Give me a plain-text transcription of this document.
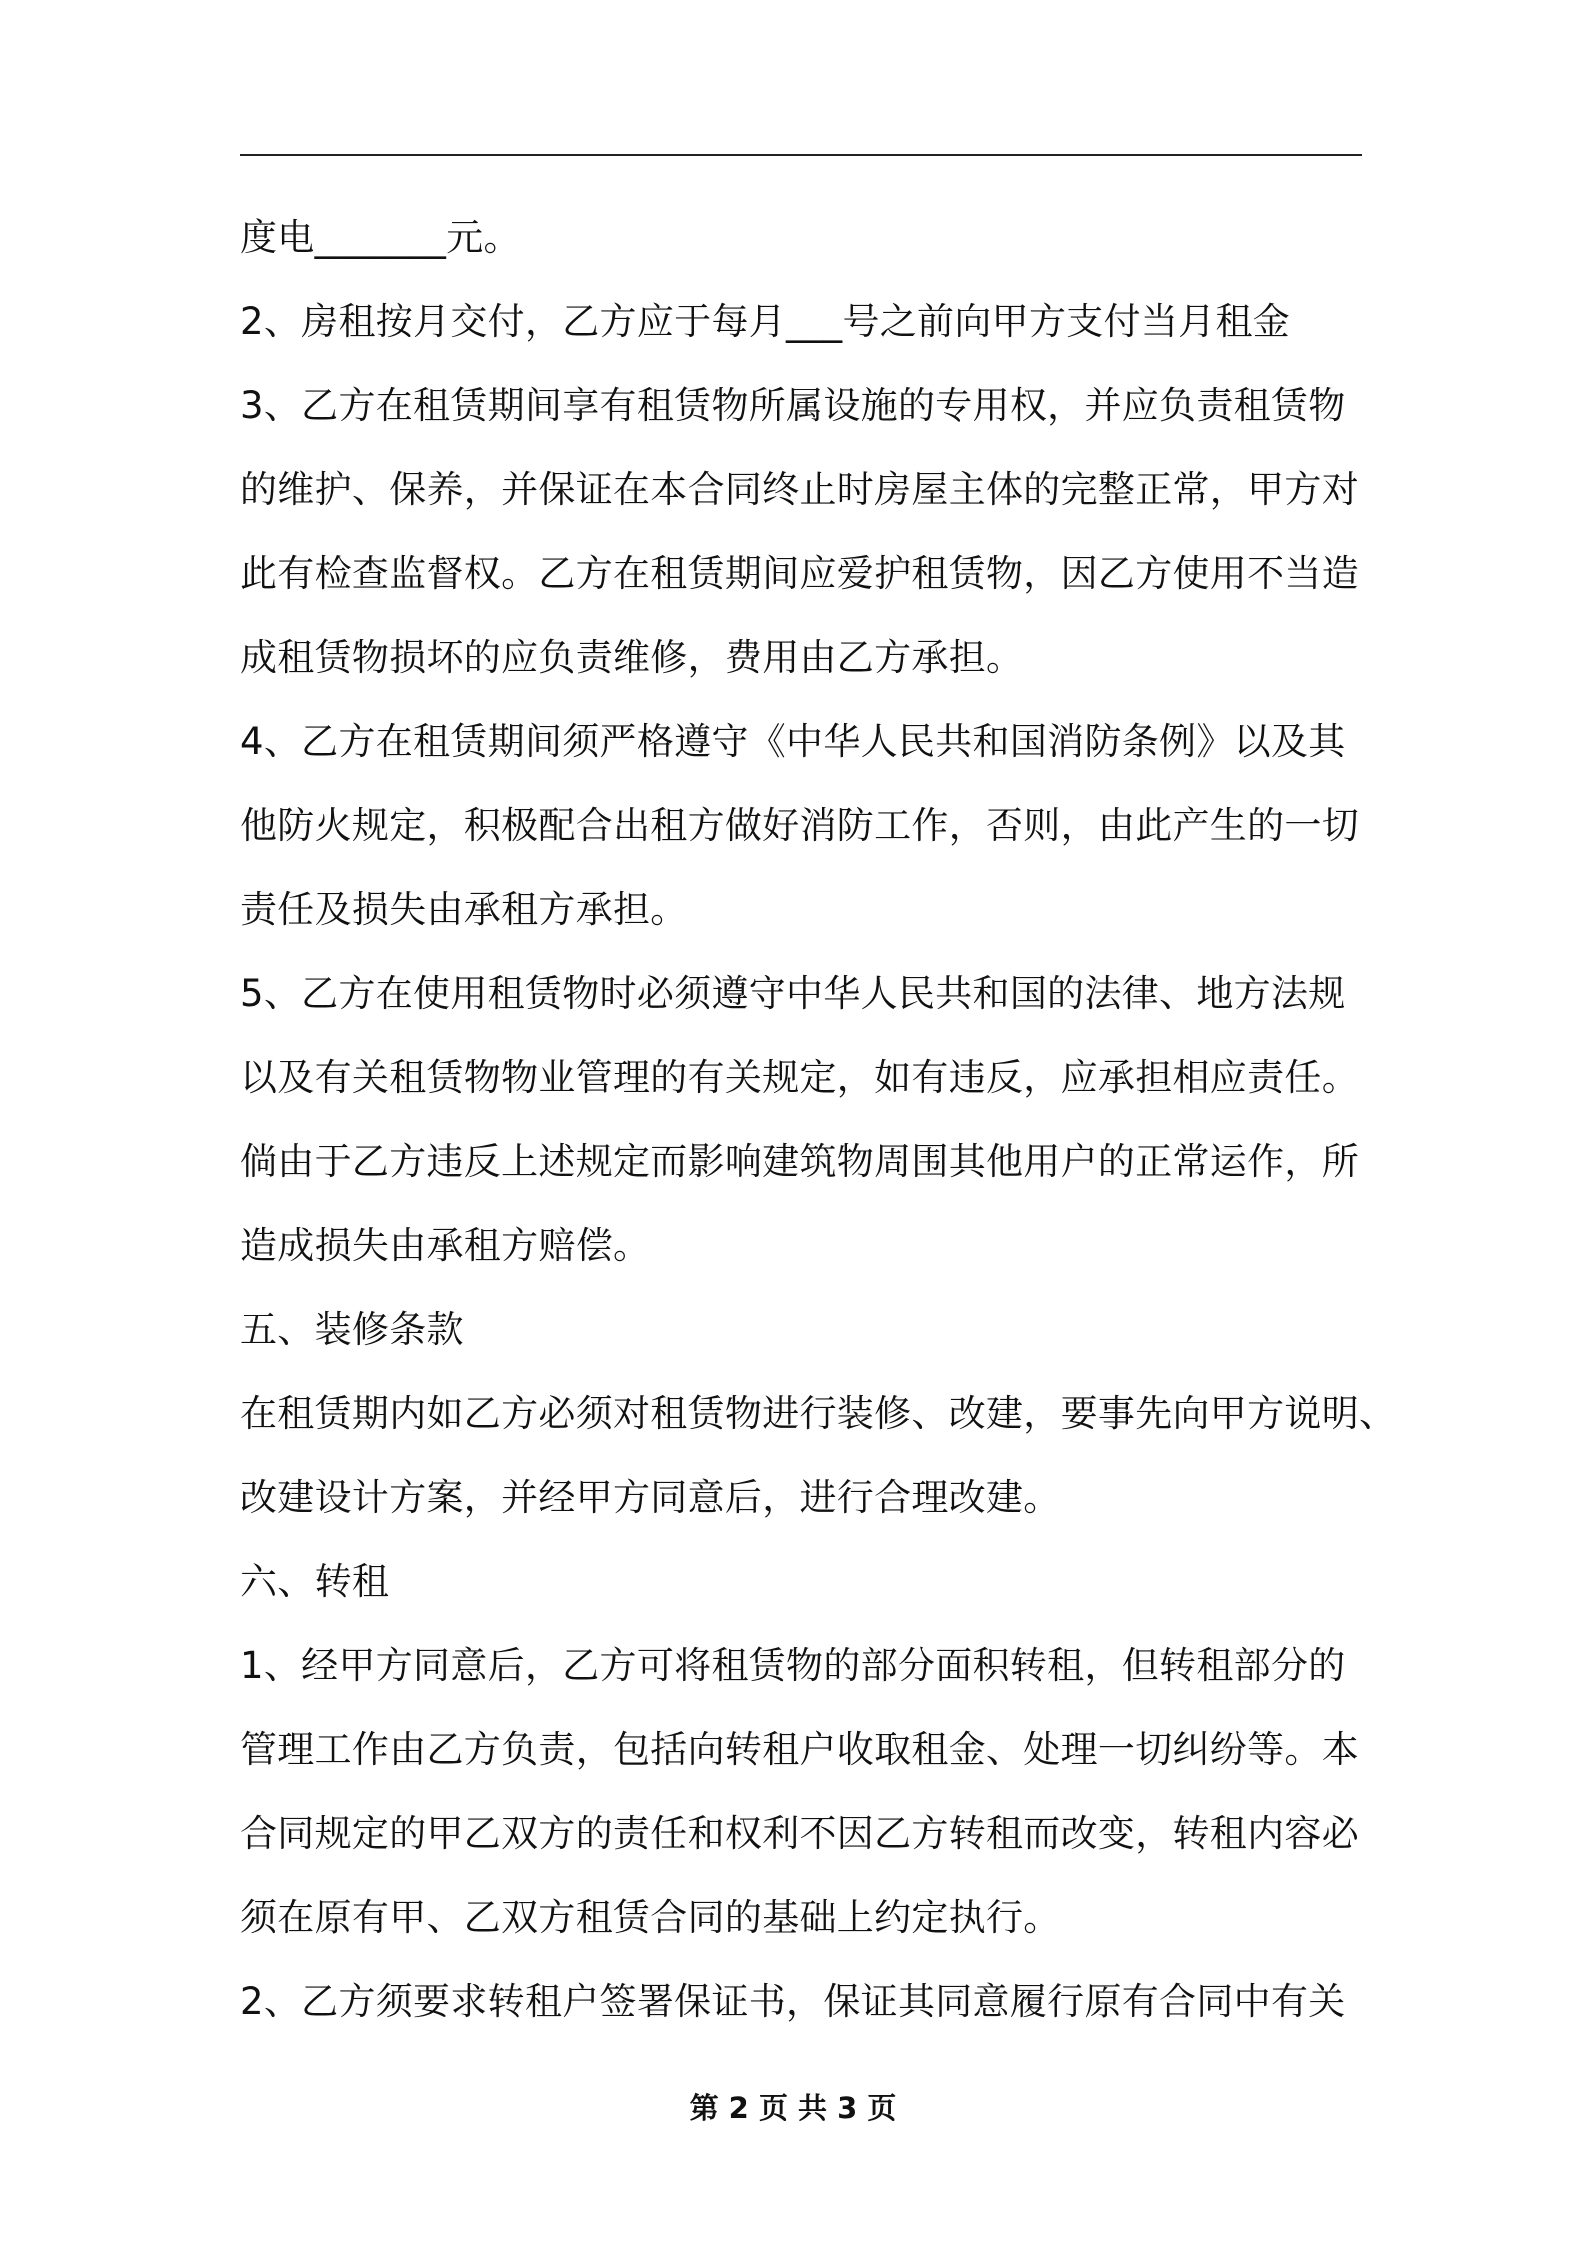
度电_______元。
2、房租按月交付，乙方应于每月___号之前向甲方支付当月租金
3、乙方在租赁期间享有租赁物所属设施的专用权，并应负责租赁物
的维护、保养，并保证在本合同终止时房屋主体的完整正常，甲方对
此有检查监督权。乙方在租赁期间应爱护租赁物，因乙方使用不当造
成租赁物损坏的应负责维修，费用由乙方承担。
4、乙方在租赁期间须严格遵守《中华人民共和国消防条例》以及其
他防火规定，积极配合出租方做好消防工作，否则，由此产生的一切
责任及损失由承租方承担。
5、乙方在使用租赁物时必须遵守中华人民共和国的法律、地方法规
以及有关租赁物物业管理的有关规定，如有违反，应承担相应责任。
倘由于乙方违反上述规定而影响建筑物周围其他用户的正常运作，所
造成损失由承租方赔偿。
五、装修条款
在租赁期内如乙方必须对租赁物进行装修、改建，要事先向甲方说明、
改建设计方案，并经甲方同意后，进行合理改建。
六、转租
1、经甲方同意后，乙方可将租赁物的部分面积转租，但转租部分的
管理工作由乙方负责，包括向转租户收取租金、处理一切纠纷等。本
合同规定的甲乙双方的责任和权利不因乙方转租而改变，转租内容必
须在原有甲、乙双方租赁合同的基础上约定执行。
2、乙方须要求转租户签署保证书，保证其同意履行原有合同中有关
第 2 页 共 3 页
